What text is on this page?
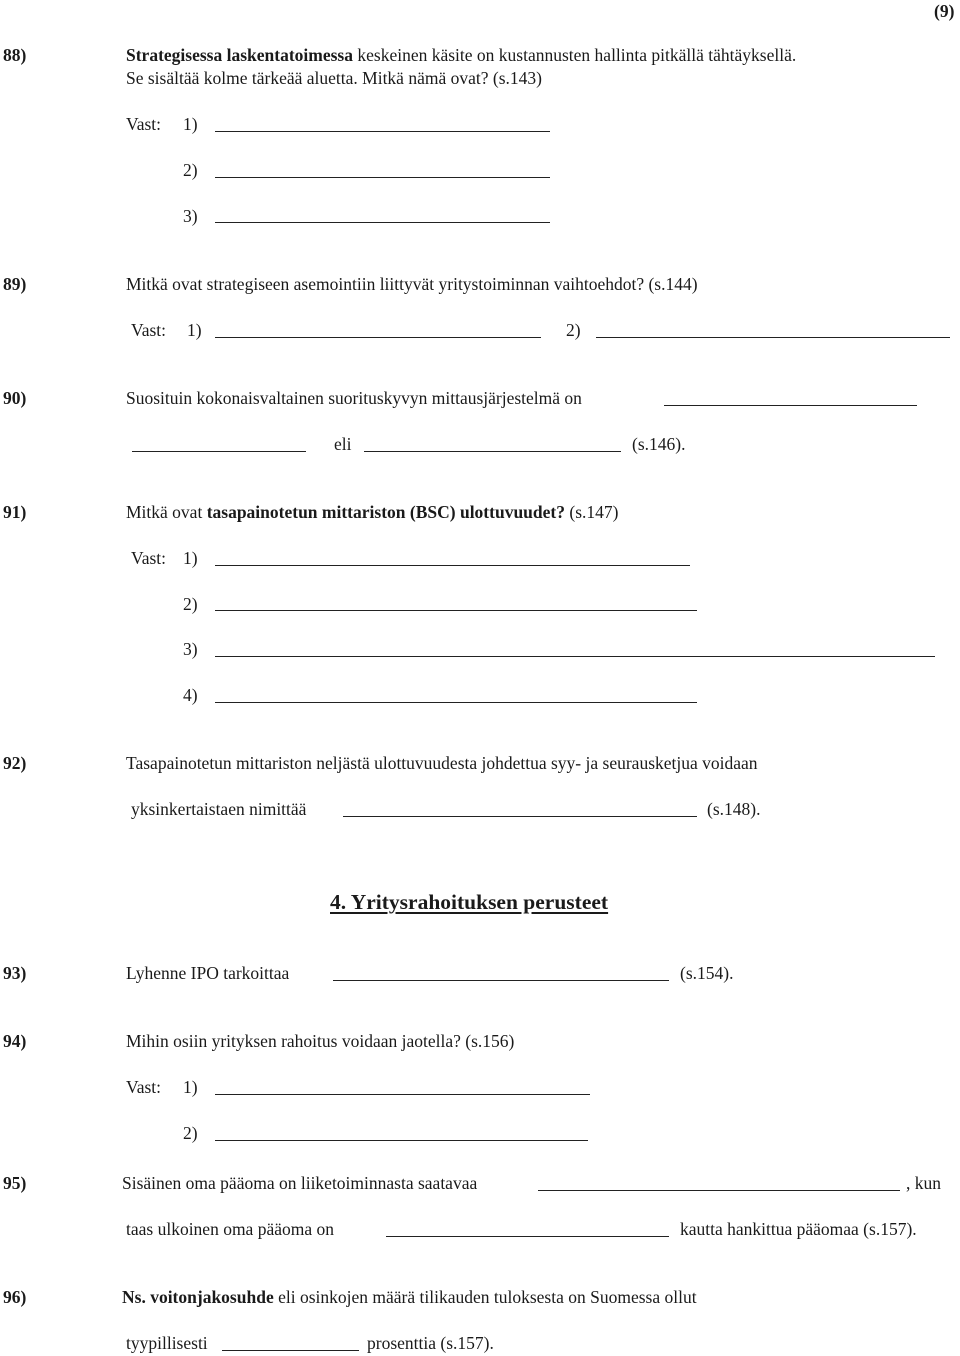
(9)
88)	Strategisessa laskentatoimessa keskeinen käsite on kustannusten hallinta pitkällä tähtäyksellä.
Se sisältää kolme tärkeää aluetta. Mitkä nämä ovat? (s.143)
Vast: 1)
2)
3)
89)	Mitkä ovat strategiseen asemointiin liittyvät yritystoiminnan vaihtoehdot? (s.144)
Vast: 1)	2)
90)	Suosituin kokonaisvaltainen suorituskyvyn mittausjärjestelmä on
eli	(s.146).
91)	Mitkä ovat tasapainotetun mittariston (BSC) ulottuvuudet? (s.147)
Vast: 1)
2)
3)
4)
92)	Tasapainotetun mittariston neljästä ulottuvuudesta johdettua syy- ja seurausketjua voidaan
yksinkertaistaen nimittää	(s.148).
4. Yritysrahoituksen perusteet
93)	Lyhenne IPO tarkoittaa	(s.154).
94)	Mihin osiin yrityksen rahoitus voidaan jaotella? (s.156)
Vast: 1)
2)
95)	Sisäinen oma pääoma on liiketoiminnasta saatavaa	, kun
taas ulkoinen oma pääoma on	kautta hankittua pääomaa (s.157).
96)	Ns. voitonjakosuhde eli osinkojen määrä tilikauden tuloksesta on Suomessa ollut
tyypillisesti	prosenttia (s.157).
